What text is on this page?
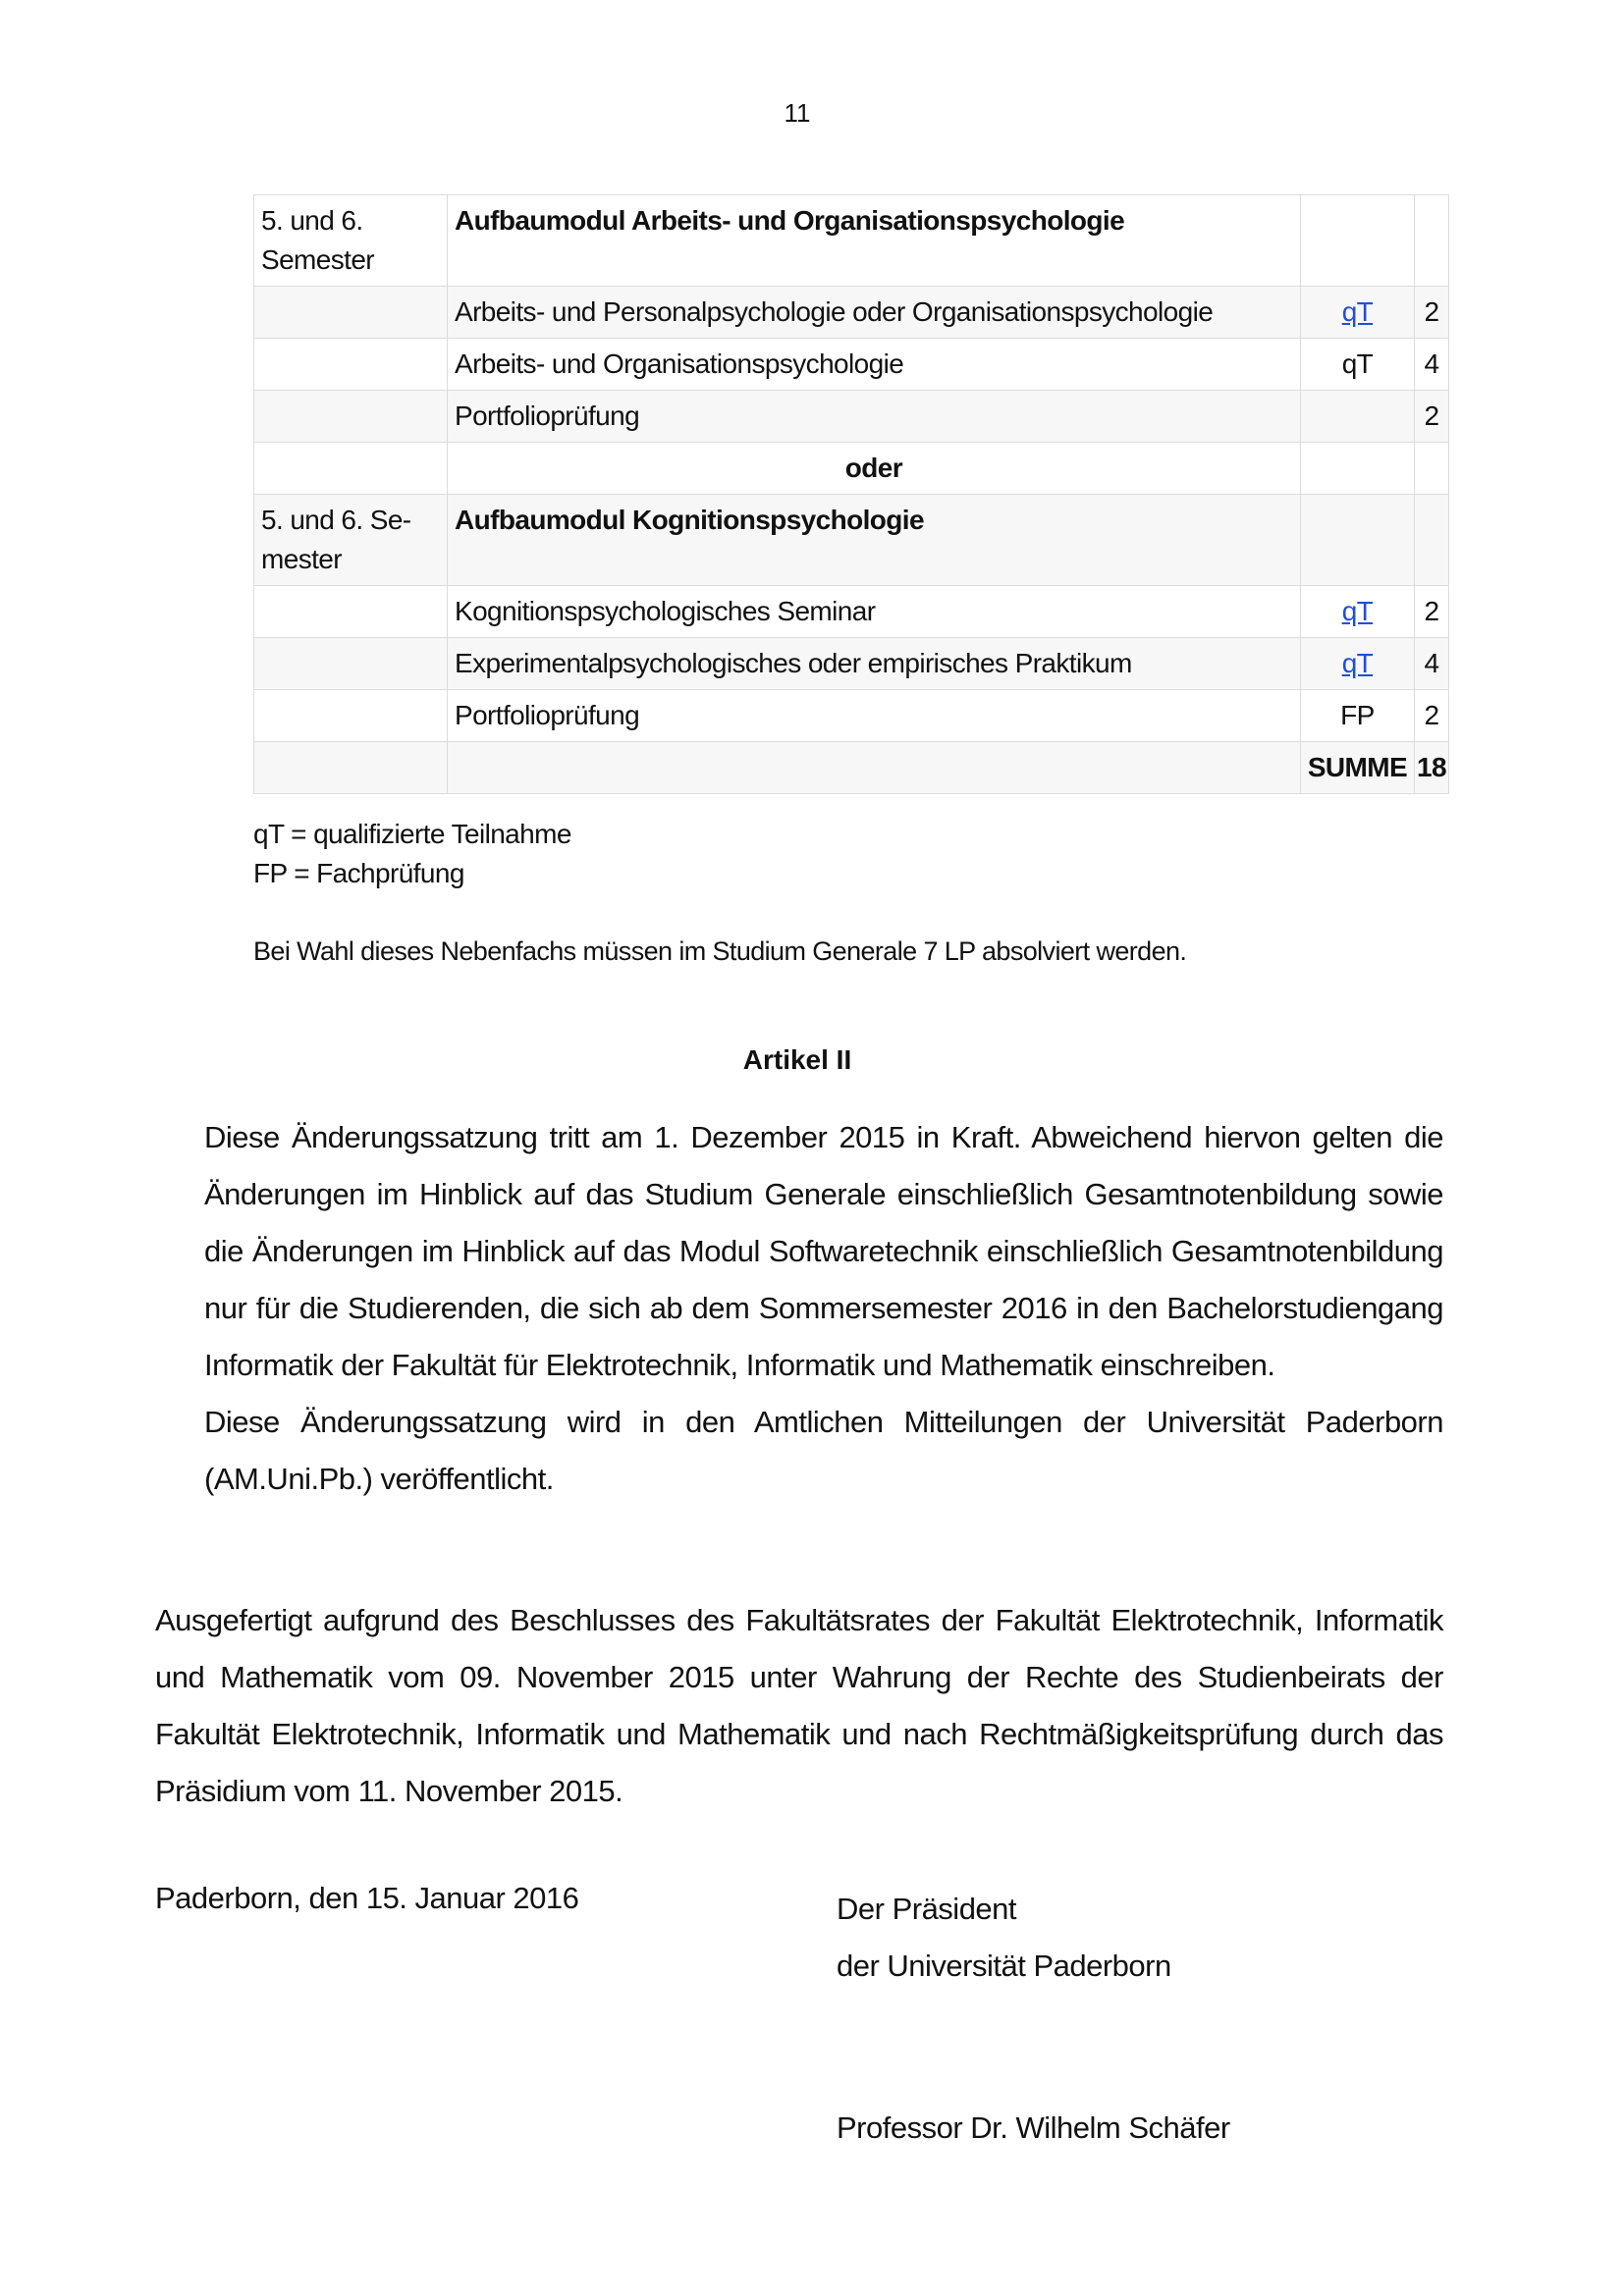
11
5. und 6. Semester	Aufbaumodul Arbeits- und Organisationspsychologie		
	Arbeits- und Personalpsychologie oder Organisationspsychologie	qT	2
	Arbeits- und Organisationspsychologie	qT	4
	Portfolioprüfung		2
	oder		
5. und 6. Se-mester	Aufbaumodul Kognitionspsychologie		
	Kognitionspsychologisches Seminar	qT	2
	Experimentalpsychologisches oder empirisches Praktikum	qT	4
	Portfolioprüfung	FP	2
		SUMME	18
qT = qualifizierte Teilnahme
FP = Fachprüfung
Bei Wahl dieses Nebenfachs müssen im Studium Generale 7 LP absolviert werden.
Artikel II

Diese Änderungssatzung tritt am 1. Dezember 2015 in Kraft. Abweichend hiervon gelten die Änderungen im Hinblick auf das Studium Generale einschließlich Gesamtnotenbildung sowie die Änderungen im Hinblick auf das Modul Softwaretechnik einschließlich Gesamtnotenbildung nur für die Studierenden, die sich ab dem Sommersemester 2016 in den Bachelorstudiengang Informatik der Fakultät für Elektrotechnik, Informatik und Mathematik einschreiben.

Diese Änderungssatzung wird in den Amtlichen Mitteilungen der Universität Paderborn (AM.Uni.Pb.) veröffentlicht.

Ausgefertigt aufgrund des Beschlusses des Fakultätsrates der Fakultät Elektrotechnik, Informatik und Mathematik vom 09. November 2015 unter Wahrung der Rechte des Studienbeirats der Fakultät Elektrotechnik, Informatik und Mathematik und nach Rechtmäßigkeitsprüfung durch das Präsidium vom 11. November 2015.

Paderborn, den 15. Januar 2016	Der Präsident
der Universität Paderborn
Professor Dr. Wilhelm Schäfer
